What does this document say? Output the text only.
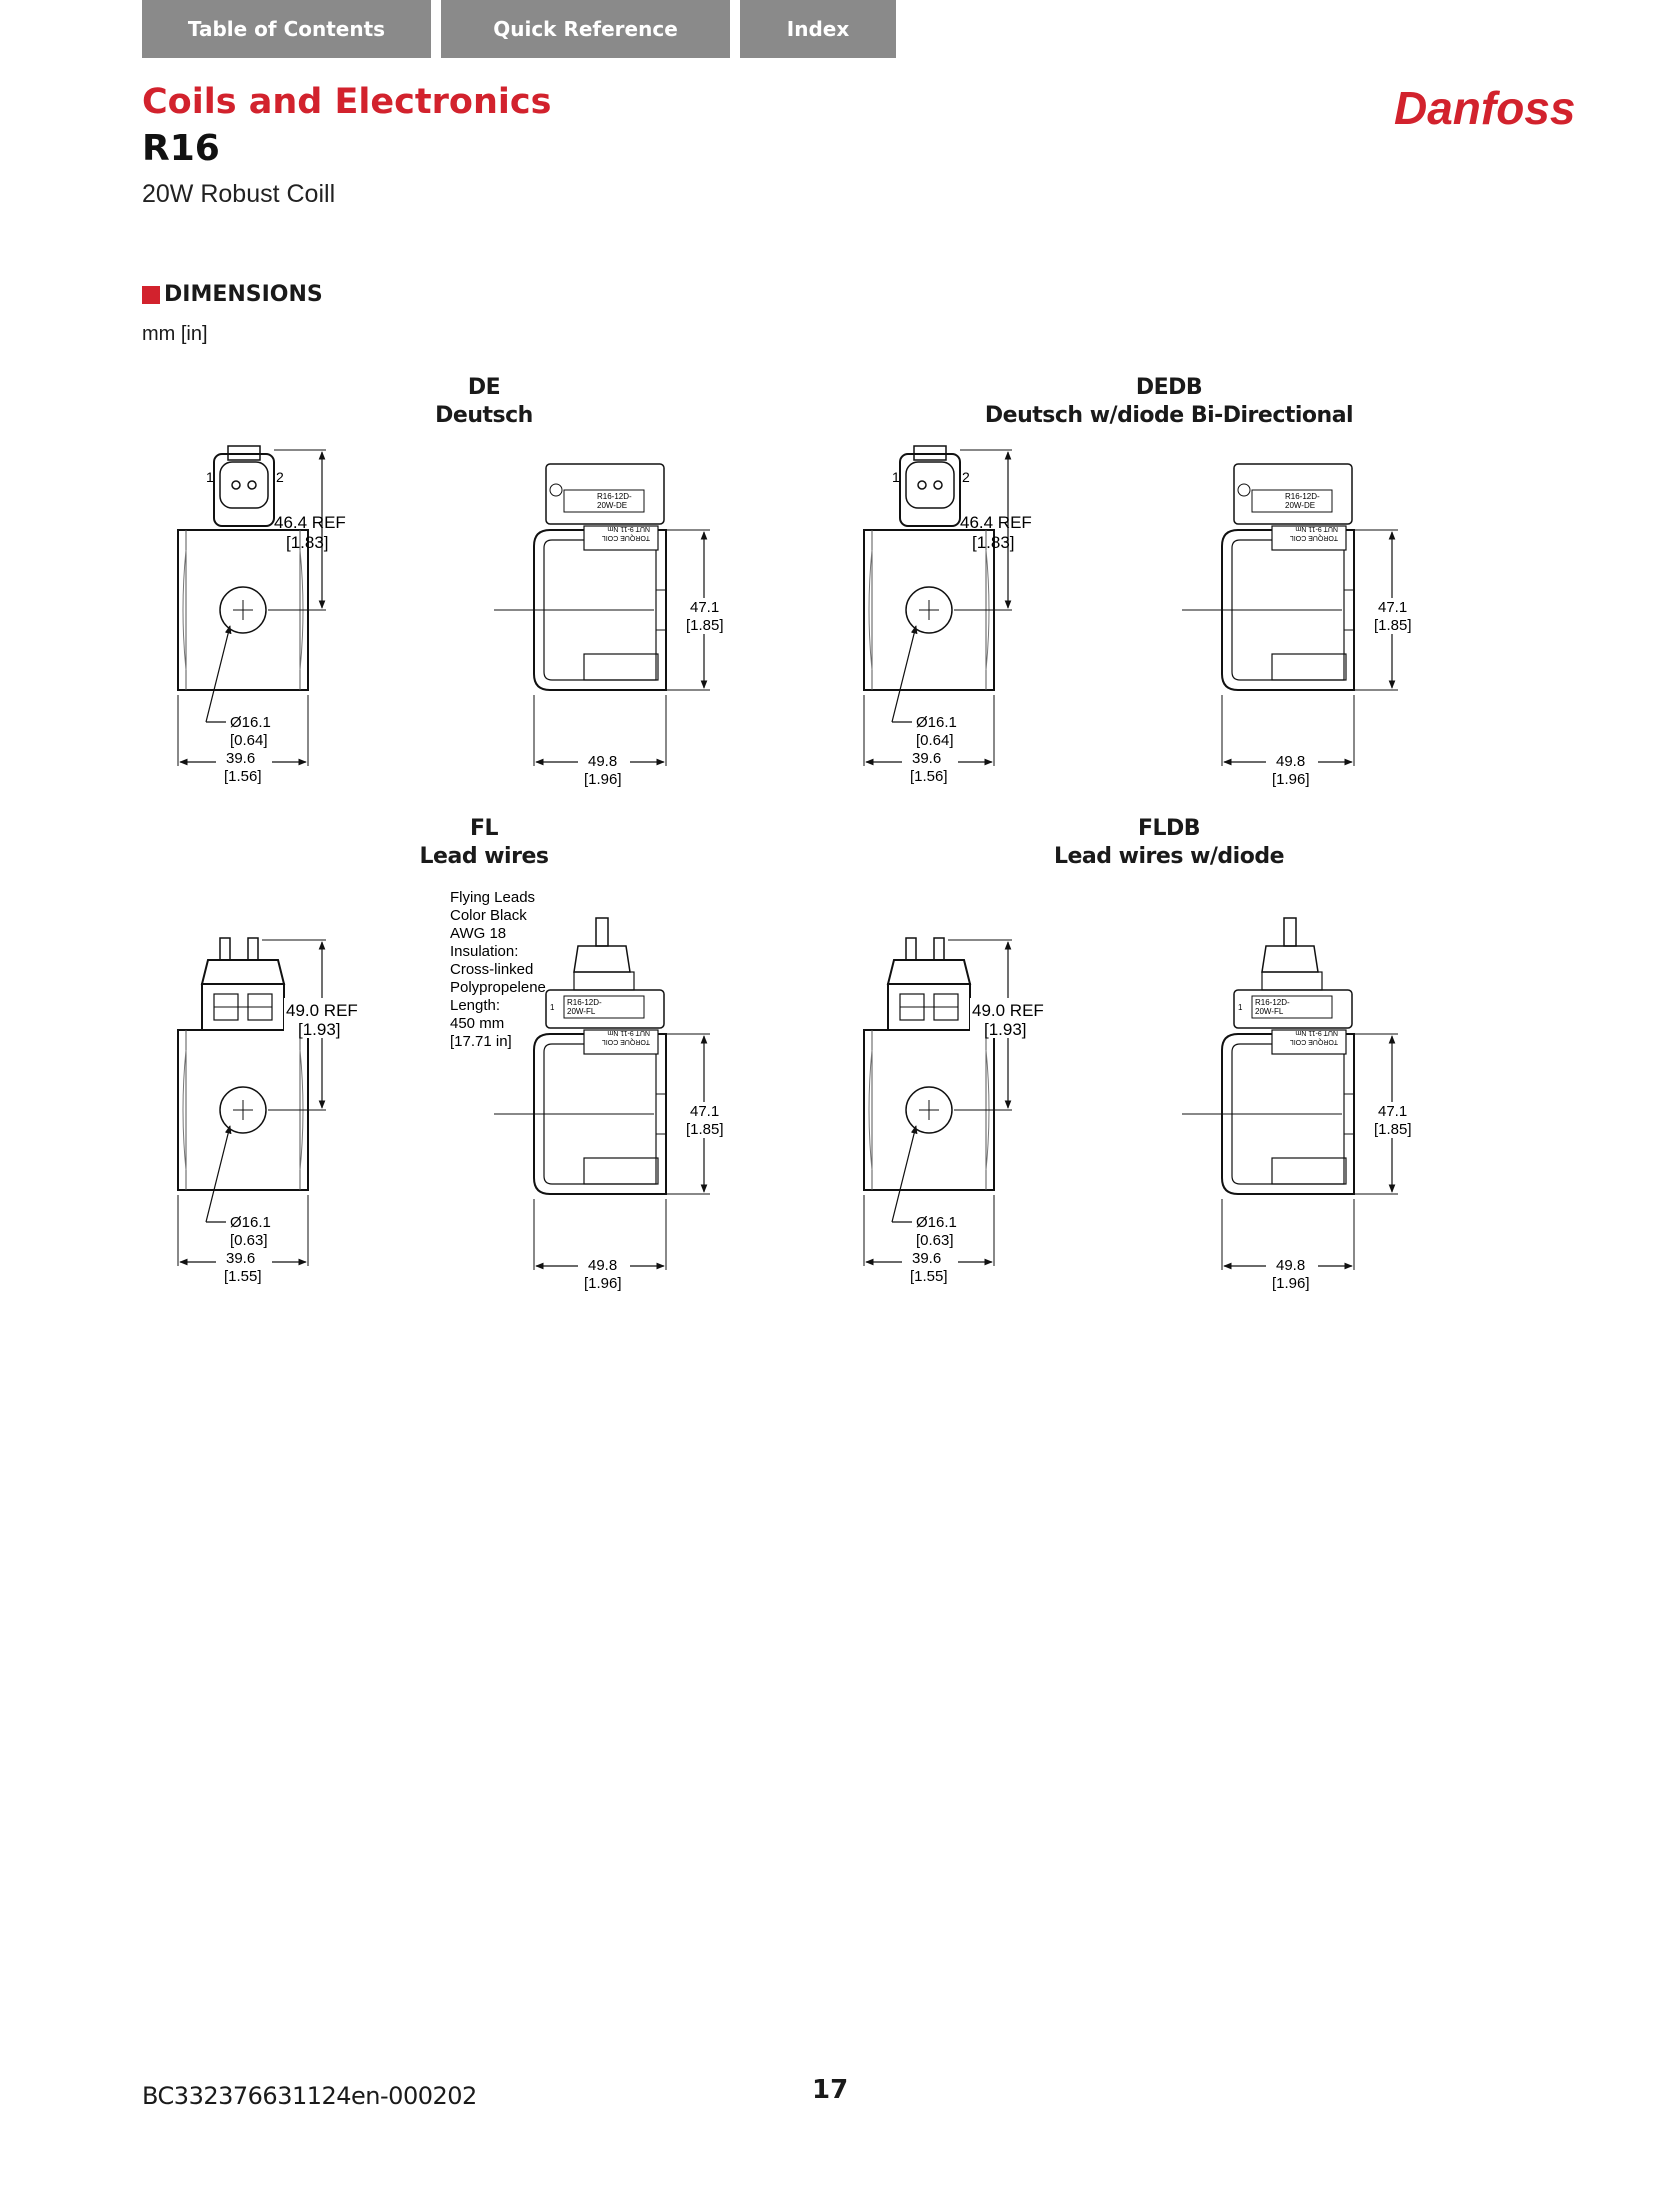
Table of Contents	Quick Reference	Index
Coils and Electronics
R16
20W Robust Coill
Danfoss
DIMENSIONS
mm [in]
DE
Deutsch
DEDB
Deutsch w/diode Bi-Directional
FL
Lead wires
FLDB
Lead wires w/diode
1	2
46.4 REF
[1.83]
Ø16.1
[0.64]
39.6
[1.56]
R16-12D-
20W-DE
TORQUE COIL
NUT 9-11 Nm
47.1
[1.85]
49.8
[1.96]
1	2
46.4 REF
[1.83]
Ø16.1
[0.64]
39.6
[1.56]
R16-12D-
20W-DE
TORQUE COIL
NUT 9-11 Nm
47.1
[1.85]
49.8
[1.96]
49.0 REF
[1.93]
Ø16.1
[0.63]
39.6
[1.55]
Flying Leads
Color Black
AWG 18
Insulation:
Cross-linked
Polypropelene
Length:
450 mm
[17.71 in]
1
R16-12D-
20W-FL
TORQUE COIL
NUT 9-11 Nm
47.1
[1.85]
49.8
[1.96]
49.0 REF
[1.93]
Ø16.1
[0.63]
39.6
[1.55]
1
R16-12D-
20W-FL
TORQUE COIL
NUT 9-11 Nm
47.1
[1.85]
49.8
[1.96]
BC332376631124en-000202	17
